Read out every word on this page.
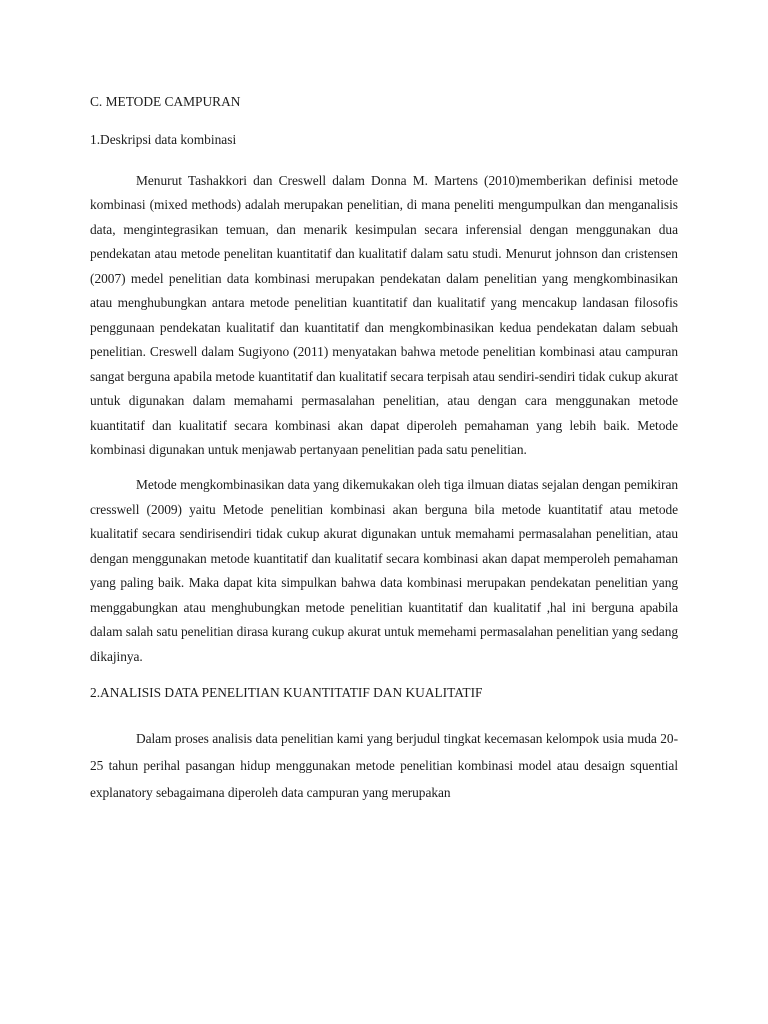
C. METODE CAMPURAN

1.Deskripsi data kombinasi

Menurut Tashakkori dan Creswell dalam Donna M. Martens (2010)memberikan definisi metode kombinasi (mixed methods) adalah merupakan penelitian, di mana peneliti mengumpulkan dan menganalisis data, mengintegrasikan temuan, dan menarik kesimpulan secara inferensial dengan menggunakan dua pendekatan atau metode penelitan kuantitatif dan kualitatif dalam satu studi. Menurut johnson dan cristensen (2007) medel penelitian data kombinasi merupakan pendekatan dalam penelitian yang mengkombinasikan atau menghubungkan antara metode penelitian kuantitatif dan kualitatif yang mencakup landasan filosofis penggunaan pendekatan kualitatif dan kuantitatif dan mengkombinasikan kedua pendekatan dalam sebuah penelitian. Creswell dalam Sugiyono (2011) menyatakan bahwa metode penelitian kombinasi atau campuran sangat berguna apabila metode kuantitatif dan kualitatif secara terpisah atau sendiri-sendiri tidak cukup akurat untuk digunakan dalam memahami permasalahan penelitian, atau dengan cara menggunakan metode kuantitatif dan kualitatif secara kombinasi akan dapat diperoleh pemahaman yang lebih baik. Metode kombinasi digunakan untuk menjawab pertanyaan penelitian pada satu penelitian.

Metode mengkombinasikan data yang dikemukakan oleh tiga ilmuan diatas sejalan dengan pemikiran cresswell (2009) yaitu Metode penelitian kombinasi akan berguna bila metode kuantitatif atau metode kualitatif secara sendirisendiri tidak cukup akurat digunakan untuk memahami permasalahan penelitian, atau dengan menggunakan metode kuantitatif dan kualitatif secara kombinasi akan dapat memperoleh pemahaman yang paling baik. Maka dapat kita simpulkan bahwa data kombinasi merupakan pendekatan penelitian yang menggabungkan atau menghubungkan metode penelitian kuantitatif dan kualitatif ,hal ini berguna apabila dalam salah satu penelitian dirasa kurang cukup akurat untuk memehami permasalahan penelitian yang sedang dikajinya.

2.ANALISIS DATA PENELITIAN KUANTITATIF DAN KUALITATIF

Dalam proses analisis data penelitian kami yang berjudul tingkat kecemasan kelompok usia muda 20-25 tahun perihal pasangan hidup menggunakan metode penelitian kombinasi model atau desaign squential explanatory sebagaimana diperoleh data campuran yang merupakan
